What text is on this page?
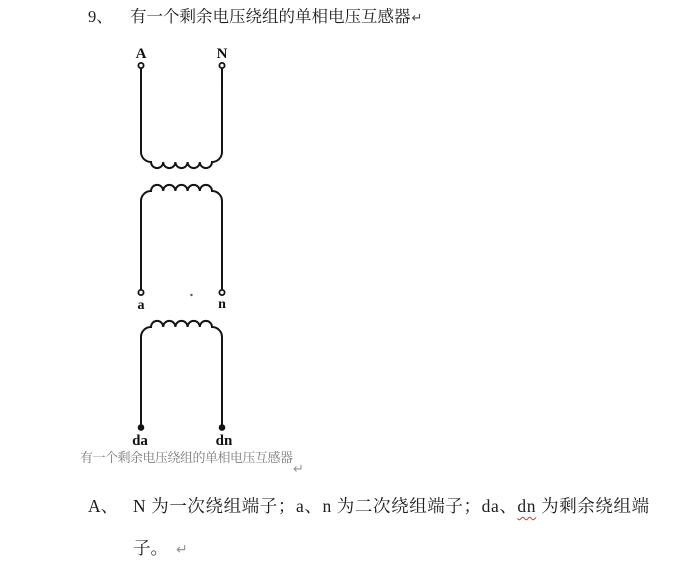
9、 有一个剩余电压绕组的单相电压互感器↵
A	N
a	n
da	dn
有一个剩余电压绕组的单相电压互感器
↵
A、 N 为一次绕组端子；a、n 为二次绕组端子；da、dn 为剩余绕组端
子。 ↵
